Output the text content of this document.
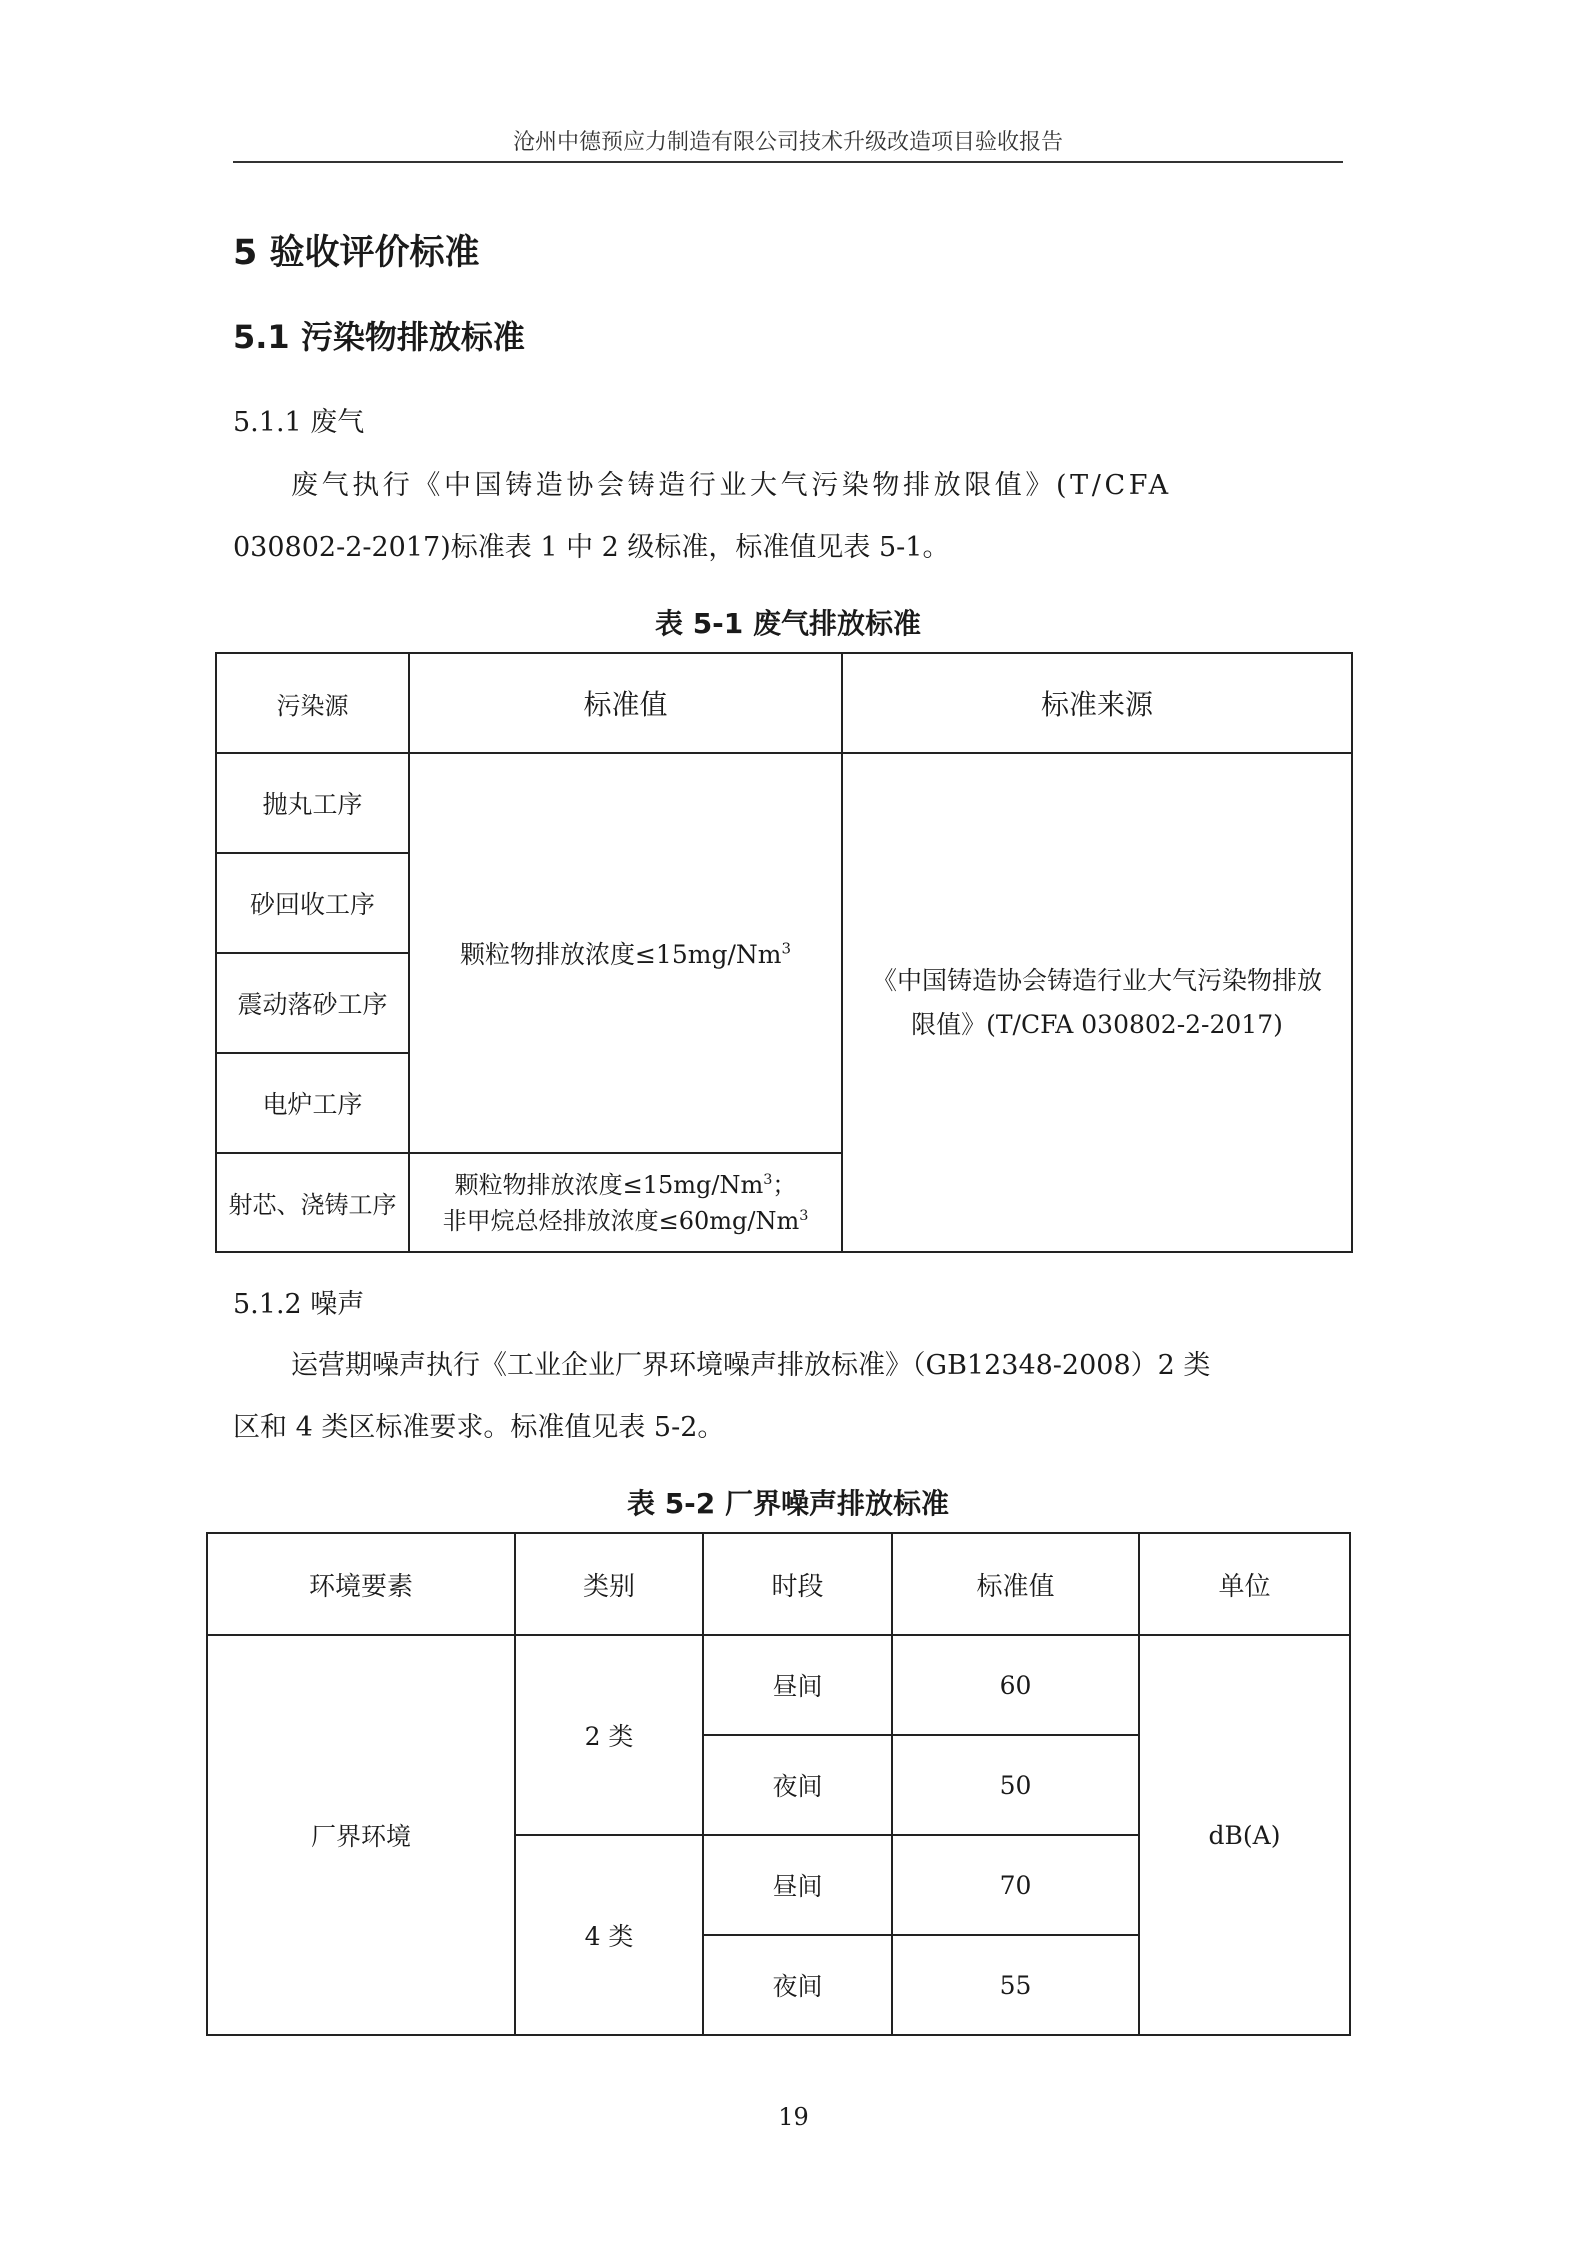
沧州中德预应力制造有限公司技术升级改造项目验收报告
5 验收评价标准
5.1 污染物排放标准
5.1.1 废气
废气执行《中国铸造协会铸造行业大气污染物排放限值》(T/CFA
030802-2-2017)标准表 1 中 2 级标准，标准值见表 5-1。
表 5-1 废气排放标准
污染源	标准值	标准来源
抛丸工序	颗粒物排放浓度$\le 15mg/Nm^3$	《中国铸造协会铸造行业大气污染物排放限值》(T/CFA 030802-2-2017)
砂回收工序		
震动落砂工序		
电炉工序		
射芯、浇铸工序	颗粒物排放浓度$\le 15mg/Nm^3$；
非甲烷总烃排放浓度$\le 60mg/Nm^3$
5.1.2 噪声
运营期噪声执行《工业企业厂界环境噪声排放标准》（GB12348-2008）2 类
区和 4 类区标准要求。标准值见表 5-2。
表 5-2 厂界噪声排放标准
环境要素	类别	时段	标准值	单位
厂界环境	2 类	昼间	60	dB(A)
		夜间	50	
	4 类	昼间	70	
		夜间	55	
19
